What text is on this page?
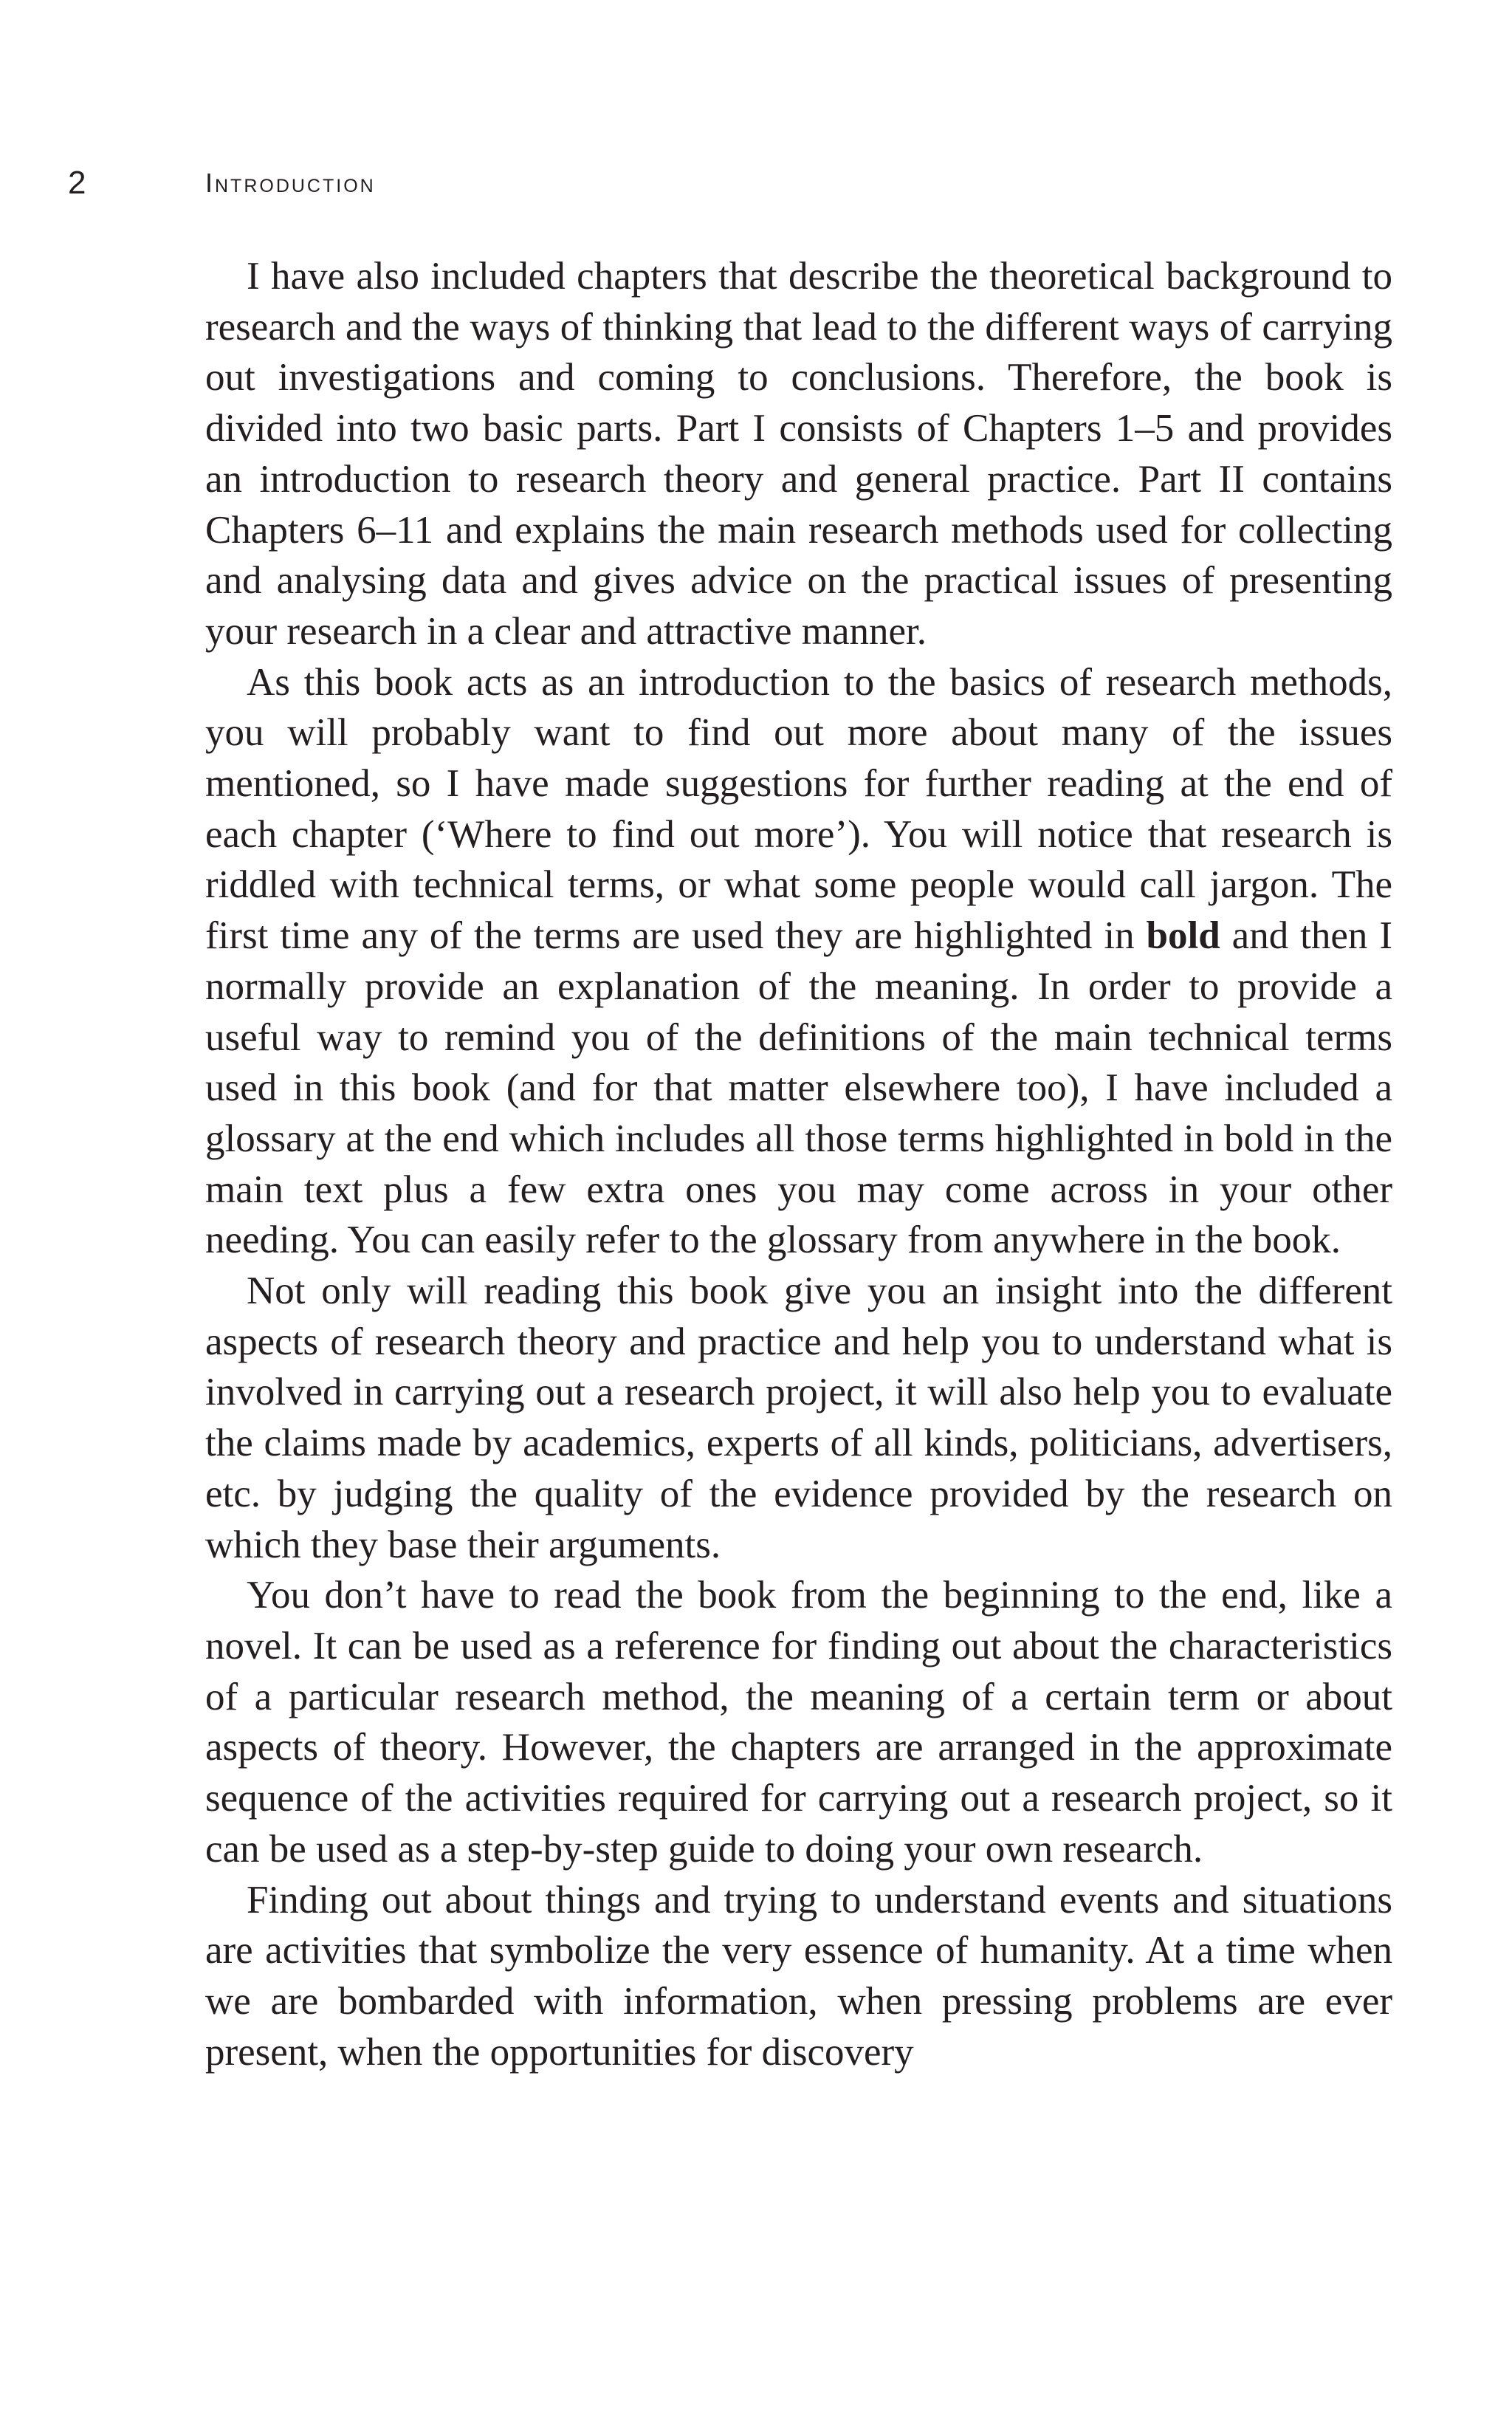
2	Introduction

I have also included chapters that describe the theoretical background to research and the ways of thinking that lead to the different ways of carrying out investigations and coming to conclusions. Therefore, the book is divided into two basic parts. Part I consists of Chapters 1–5 and provides an introduction to research theory and general practice. Part II contains Chapters 6–11 and explains the main research methods used for collecting and analysing data and gives advice on the practical issues of presenting your research in a clear and attractive manner.

As this book acts as an introduction to the basics of research methods, you will probably want to find out more about many of the issues mentioned, so I have made suggestions for further reading at the end of each chapter (‘Where to find out more’). You will notice that research is riddled with technical terms, or what some people would call jargon. The first time any of the terms are used they are highlighted in bold and then I normally provide an explanation of the meaning. In order to provide a useful way to remind you of the definitions of the main technical terms used in this book (and for that matter elsewhere too), I have included a glossary at the end which includes all those terms highlighted in bold in the main text plus a few extra ones you may come across in your other needing. You can easily refer to the glossary from anywhere in the book.

Not only will reading this book give you an insight into the different aspects of research theory and practice and help you to understand what is involved in carrying out a research project, it will also help you to evaluate the claims made by academics, experts of all kinds, politicians, advertisers, etc. by judging the quality of the evidence provided by the research on which they base their arguments.

You don’t have to read the book from the beginning to the end, like a novel. It can be used as a reference for finding out about the characteristics of a particular research method, the meaning of a certain term or about aspects of theory. However, the chapters are arranged in the approximate sequence of the activities required for carrying out a research project, so it can be used as a step-by-step guide to doing your own research.

Finding out about things and trying to understand events and situations are activities that symbolize the very essence of humanity. At a time when we are bombarded with information, when pressing problems are ever present, when the opportunities for discovery
